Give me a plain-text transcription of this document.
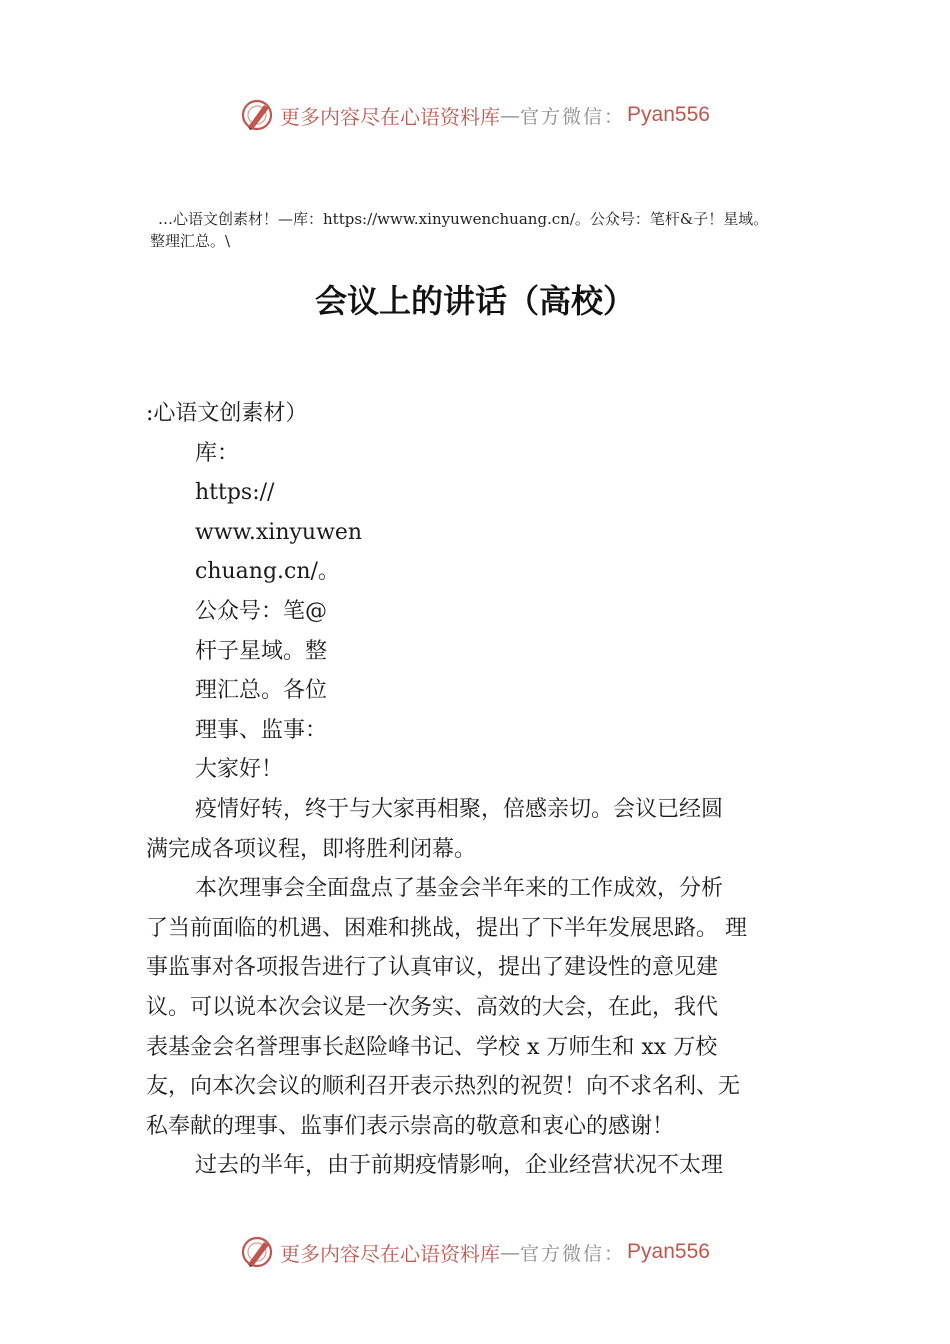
更多内容尽在心语资料库 — 官方微信： Pyan556
…心语文创素材！—库：https://www.xinyuwenchuang.cn/。公众号：笔杆&子！星域。
整理汇总。\
会议上的讲话（高校）
:心语文创素材）
库：
https://
www.xinyuwen
chuang.cn/。
公众号：笔@
杆子星域。整
理汇总。各位
理事、监事：
大家好！
疫情好转，终于与大家再相聚，倍感亲切。会议已经圆
满完成各项议程，即将胜利闭幕。
本次理事会全面盘点了基金会半年来的工作成效，分析
了当前面临的机遇、困难和挑战，提出了下半年发展思路。 理
事监事对各项报告进行了认真审议，提出了建设性的意见建
议。可以说本次会议是一次务实、高效的大会，在此，我代
表基金会名誉理事长赵险峰书记、学校 x 万师生和 xx 万校
友，向本次会议的顺利召开表示热烈的祝贺！向不求名利、无
私奉献的理事、监事们表示崇高的敬意和衷心的感谢！
过去的半年，由于前期疫情影响，企业经营状况不太理
更多内容尽在心语资料库 — 官方微信： Pyan556
